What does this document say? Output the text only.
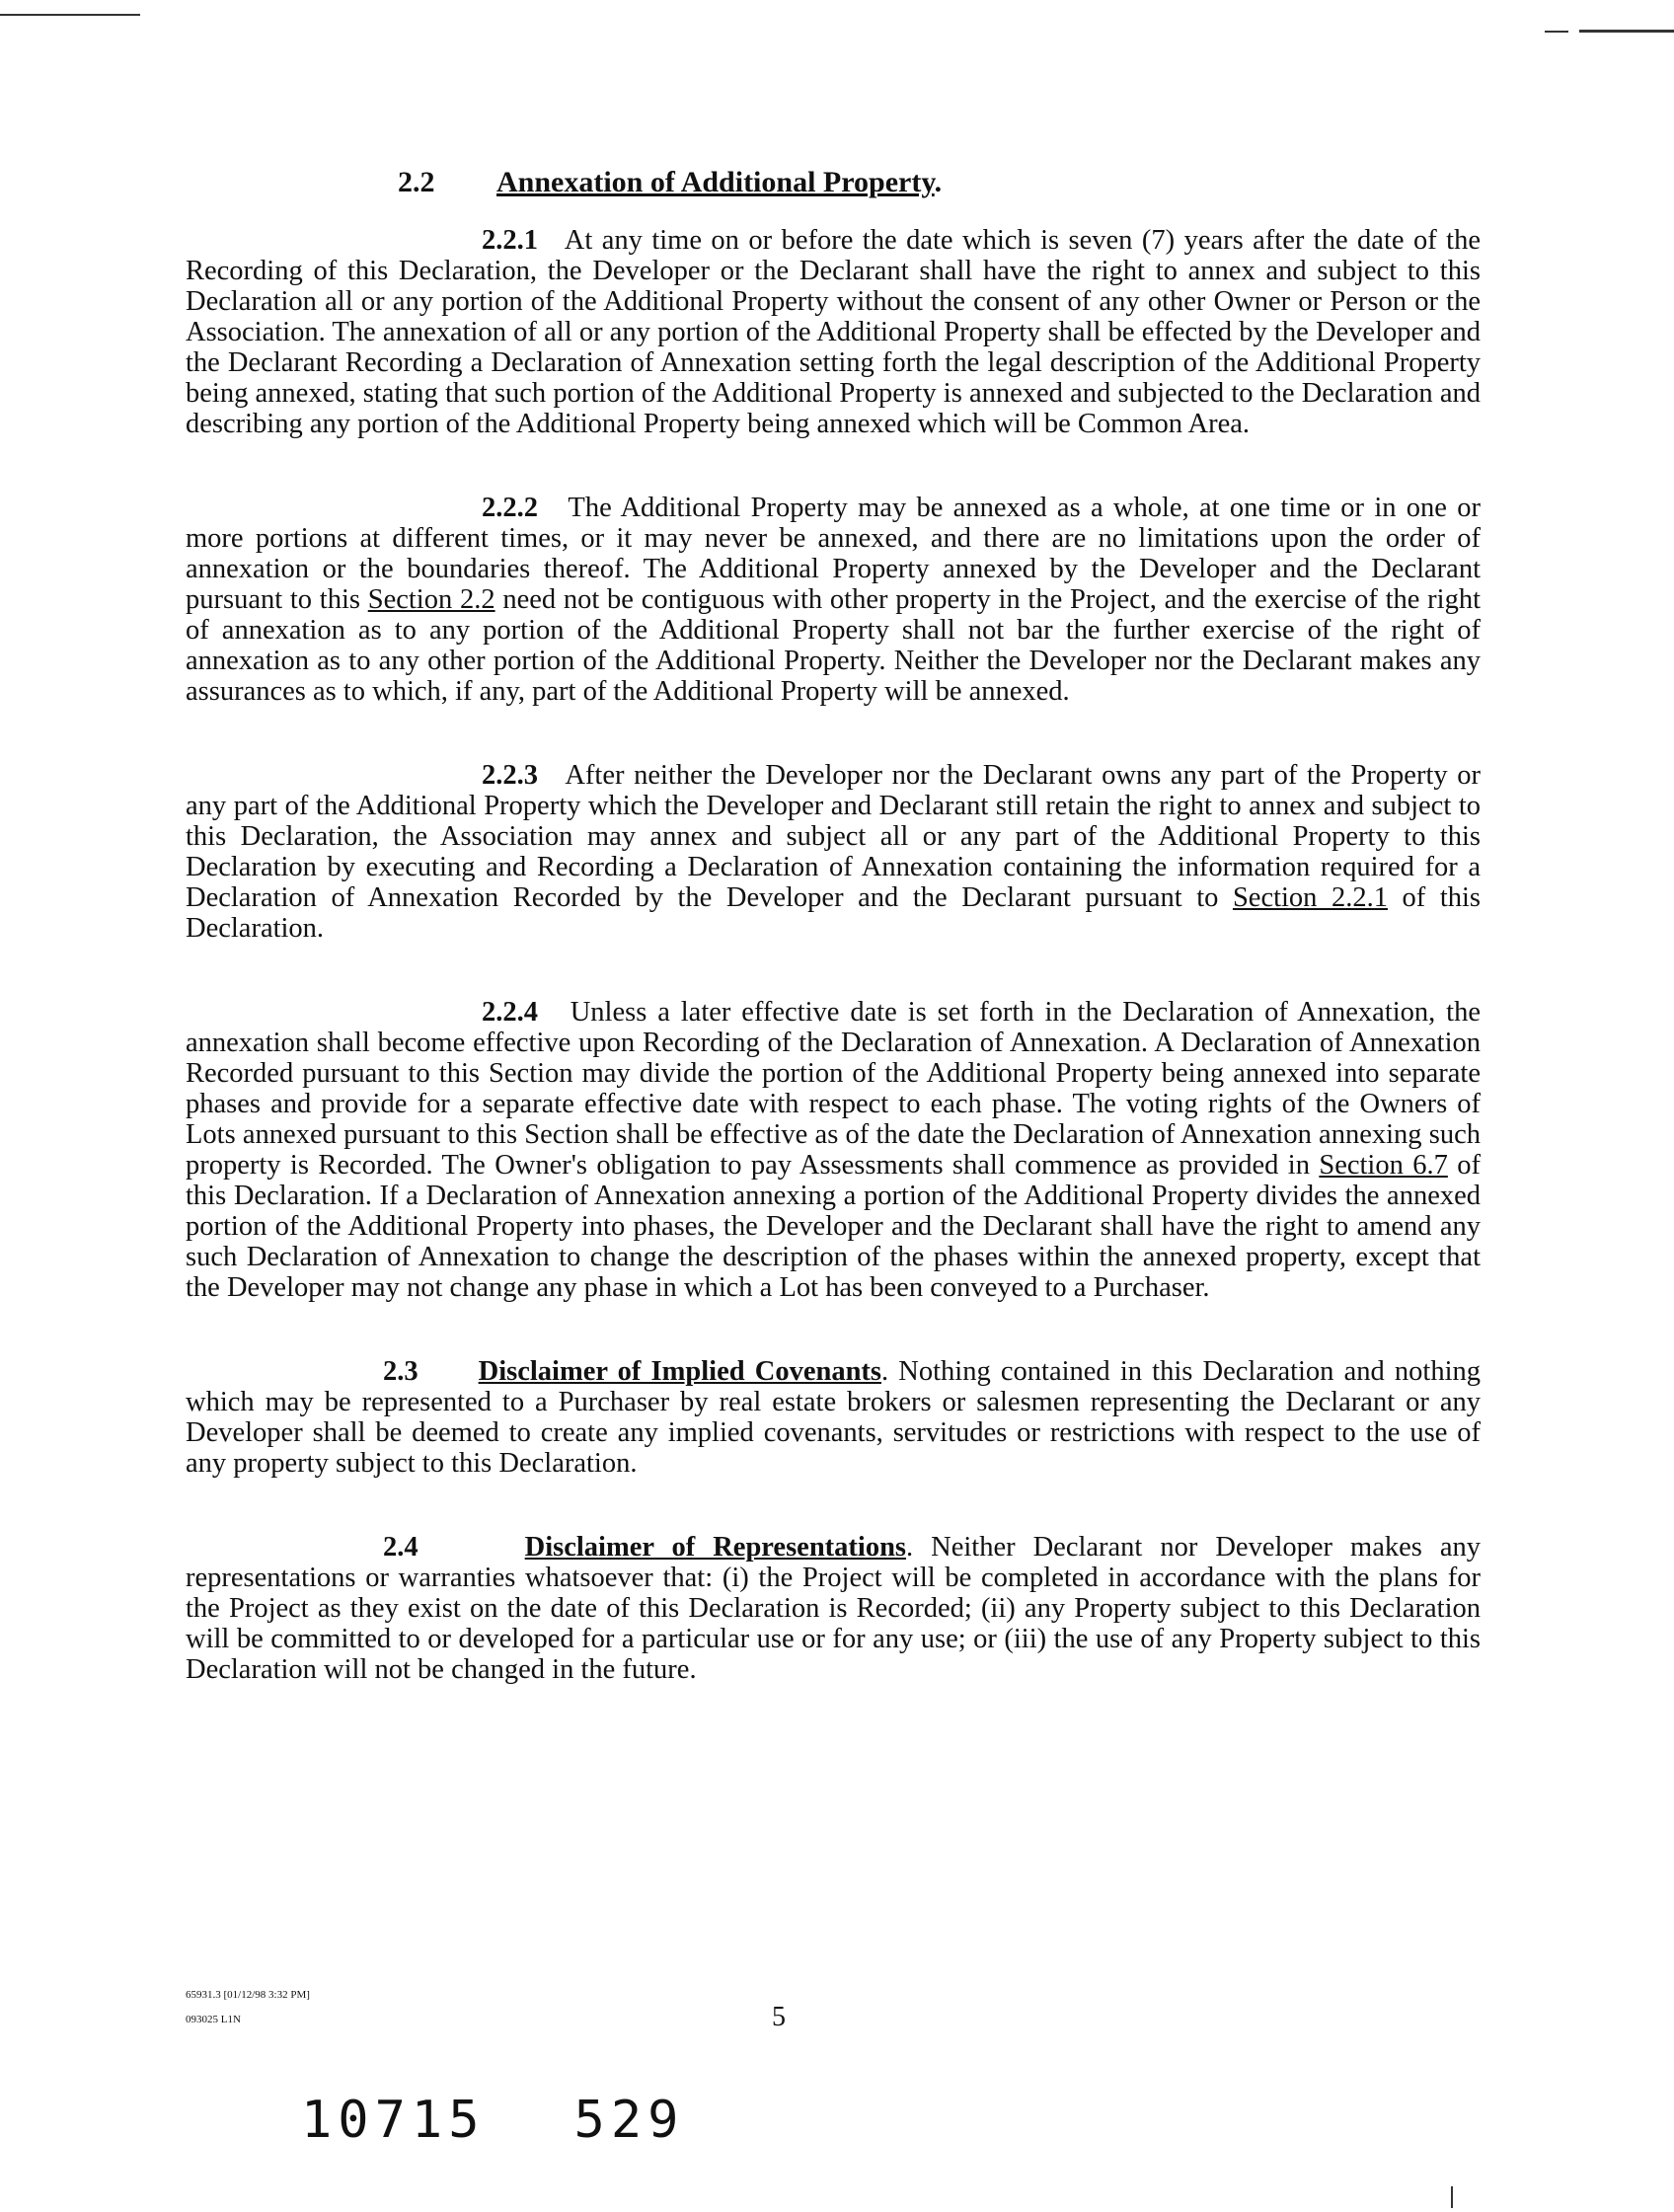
2.2 Annexation of Additional Property.

2.2.1 At any time on or before the date which is seven (7) years after the date of the Recording of this Declaration, the Developer or the Declarant shall have the right to annex and subject to this Declaration all or any portion of the Additional Property without the consent of any other Owner or Person or the Association. The annexation of all or any portion of the Additional Property shall be effected by the Developer and the Declarant Recording a Declaration of Annexation setting forth the legal description of the Additional Property being annexed, stating that such portion of the Additional Property is annexed and subjected to the Declaration and describing any portion of the Additional Property being annexed which will be Common Area.

2.2.2 The Additional Property may be annexed as a whole, at one time or in one or more portions at different times, or it may never be annexed, and there are no limitations upon the order of annexation or the boundaries thereof. The Additional Property annexed by the Developer and the Declarant pursuant to this Section 2.2 need not be contiguous with other property in the Project, and the exercise of the right of annexation as to any portion of the Additional Property shall not bar the further exercise of the right of annexation as to any other portion of the Additional Property. Neither the Developer nor the Declarant makes any assurances as to which, if any, part of the Additional Property will be annexed.

2.2.3 After neither the Developer nor the Declarant owns any part of the Property or any part of the Additional Property which the Developer and Declarant still retain the right to annex and subject to this Declaration, the Association may annex and subject all or any part of the Additional Property to this Declaration by executing and Recording a Declaration of Annexation containing the information required for a Declaration of Annexation Recorded by the Developer and the Declarant pursuant to Section 2.2.1 of this Declaration.

2.2.4 Unless a later effective date is set forth in the Declaration of Annexation, the annexation shall become effective upon Recording of the Declaration of Annexation. A Declaration of Annexation Recorded pursuant to this Section may divide the portion of the Additional Property being annexed into separate phases and provide for a separate effective date with respect to each phase. The voting rights of the Owners of Lots annexed pursuant to this Section shall be effective as of the date the Declaration of Annexation annexing such property is Recorded. The Owner's obligation to pay Assessments shall commence as provided in Section 6.7 of this Declaration. If a Declaration of Annexation annexing a portion of the Additional Property divides the annexed portion of the Additional Property into phases, the Developer and the Declarant shall have the right to amend any such Declaration of Annexation to change the description of the phases within the annexed property, except that the Developer may not change any phase in which a Lot has been conveyed to a Purchaser.

2.3 Disclaimer of Implied Covenants. Nothing contained in this Declaration and nothing which may be represented to a Purchaser by real estate brokers or salesmen representing the Declarant or any Developer shall be deemed to create any implied covenants, servitudes or restrictions with respect to the use of any property subject to this Declaration.

2.4	Disclaimer of Representations. Neither Declarant nor Developer makes any representations or warranties whatsoever that: (i) the Project will be completed in accordance with the plans for the Project as they exist on the date of this Declaration is Recorded; (ii) any Property subject to this Declaration will be committed to or developed for a particular use or for any use; or (iii) the use of any Property subject to this Declaration will not be changed in the future.

65931.3 [01/12/98 3:32 PM]
093025 L1N	5
10715 529
